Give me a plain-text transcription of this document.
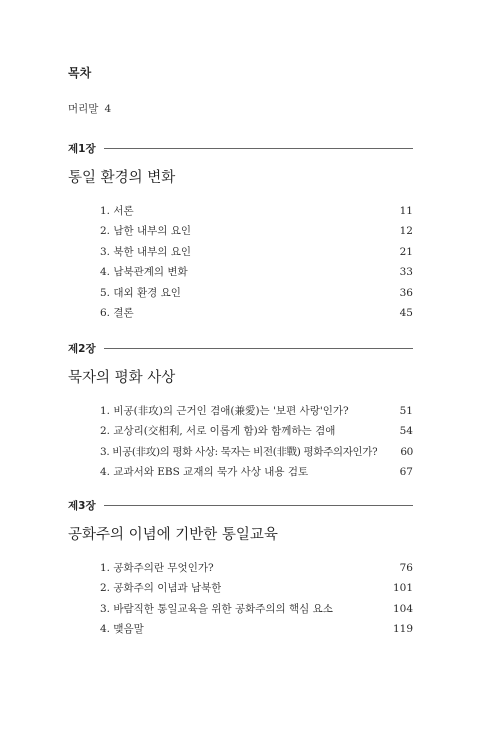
목차
머리말 4
제1장
통일 환경의 변화
1. 서론	11
2. 남한 내부의 요인	12
3. 북한 내부의 요인	21
4. 남북관계의 변화	33
5. 대외 환경 요인	36
6. 결론	45
제2장
묵자의 평화 사상
1. 비공(非攻)의 근거인 겸애(兼愛)는 '보편 사랑'인가?	51
2. 교상리(交相利, 서로 이롭게 함)와 함께하는 겸애	54
3. 비공(非攻)의 평화 사상: 묵자는 비전(非戰) 평화주의자인가?	60
4. 교과서와 EBS 교재의 묵가 사상 내용 검토	67
제3장
공화주의 이념에 기반한 통일교육
1. 공화주의란 무엇인가?	76
2. 공화주의 이념과 남북한	101
3. 바람직한 통일교육을 위한 공화주의의 핵심 요소	104
4. 맺음말	119
